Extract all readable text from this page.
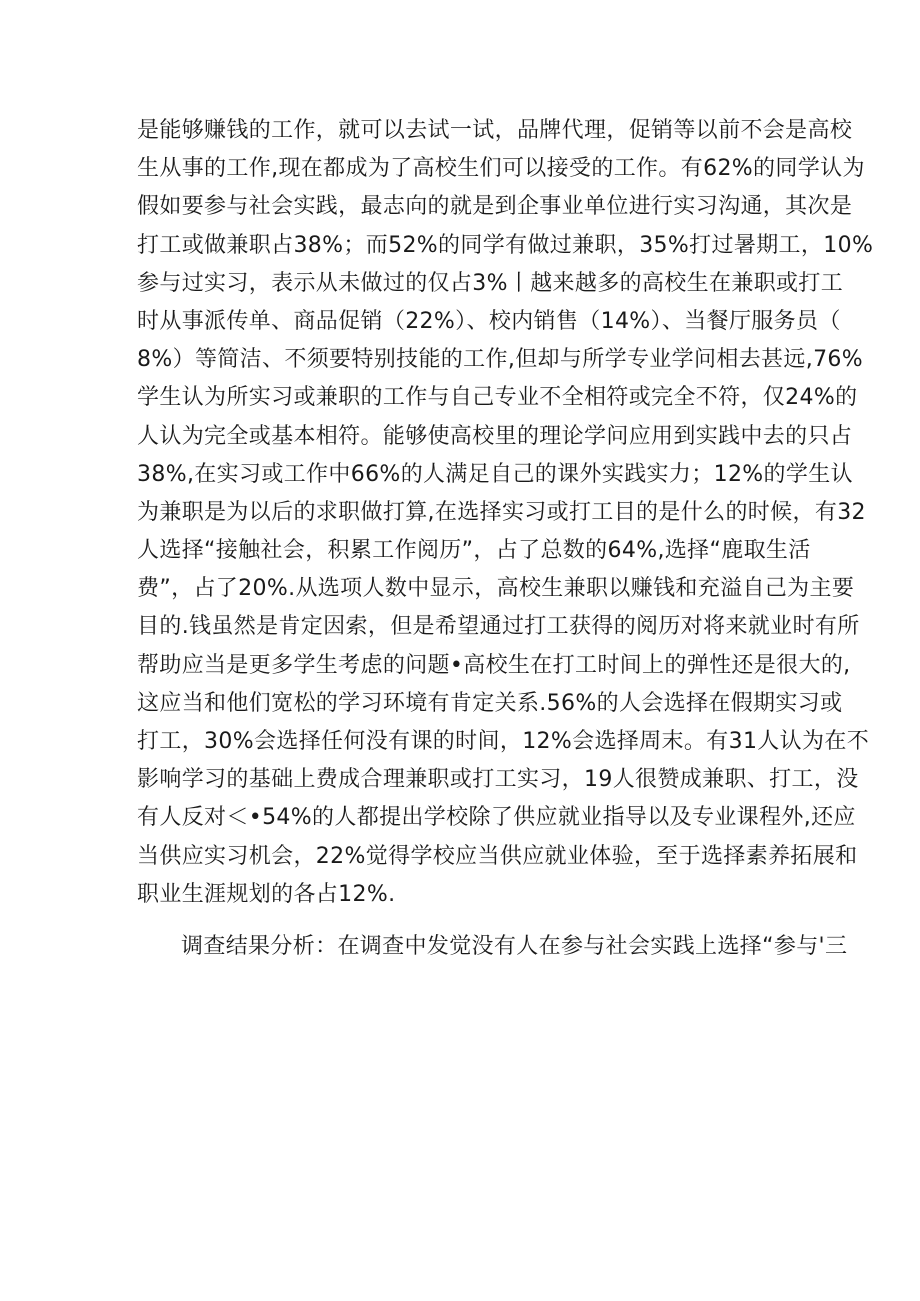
是能够赚钱的工作，就可以去试一试，品牌代理，促销等以前不会是高校
生从事的工作,现在都成为了高校生们可以接受的工作。有62%的同学认为
假如要参与社会实践，最志向的就是到企事业单位进行实习沟通，其次是
打工或做兼职占38%；而52%的同学有做过兼职，35%打过暑期工，10%
参与过实习，表示从未做过的仅占3%丨越来越多的高校生在兼职或打工
时从事派传单、商品促销（22%）、校内销售（14%）、当餐厅服务员（
8%）等简洁、不须要特别技能的工作,但却与所学专业学问相去甚远,76%
学生认为所实习或兼职的工作与自己专业不全相符或完全不符，仅24%的
人认为完全或基本相符。能够使高校里的理论学问应用到实践中去的只占
38%,在实习或工作中66%的人满足自己的课外实践实力；12%的学生认
为兼职是为以后的求职做打算,在选择实习或打工目的是什么的时候，有32
人选择“接触社会，积累工作阅历”，占了总数的64%,选择“鹿取生活
费”，占了20%.从选项人数中显示，高校生兼职以赚钱和充溢自己为主要
目的.钱虽然是肯定因索，但是希望通过打工获得的阅历对将来就业时有所
帮助应当是更多学生考虑的问题•高校生在打工时间上的弹性还是很大的,
这应当和他们宽松的学习环境有肯定关系.56%的人会选择在假期实习或
打工，30%会选择任何没有课的时间，12%会选择周末。有31人认为在不
影响学习的基础上费成合理兼职或打工实习，19人很赞成兼职、打工，没
有人反对＜•54%的人都提出学校除了供应就业指导以及专业课程外,还应
当供应实习机会，22%觉得学校应当供应就业体验，至于选择素养拓展和
职业生涯规划的各占12%.
调查结果分析：在调查中发觉没有人在参与社会实践上选择“参与'三
